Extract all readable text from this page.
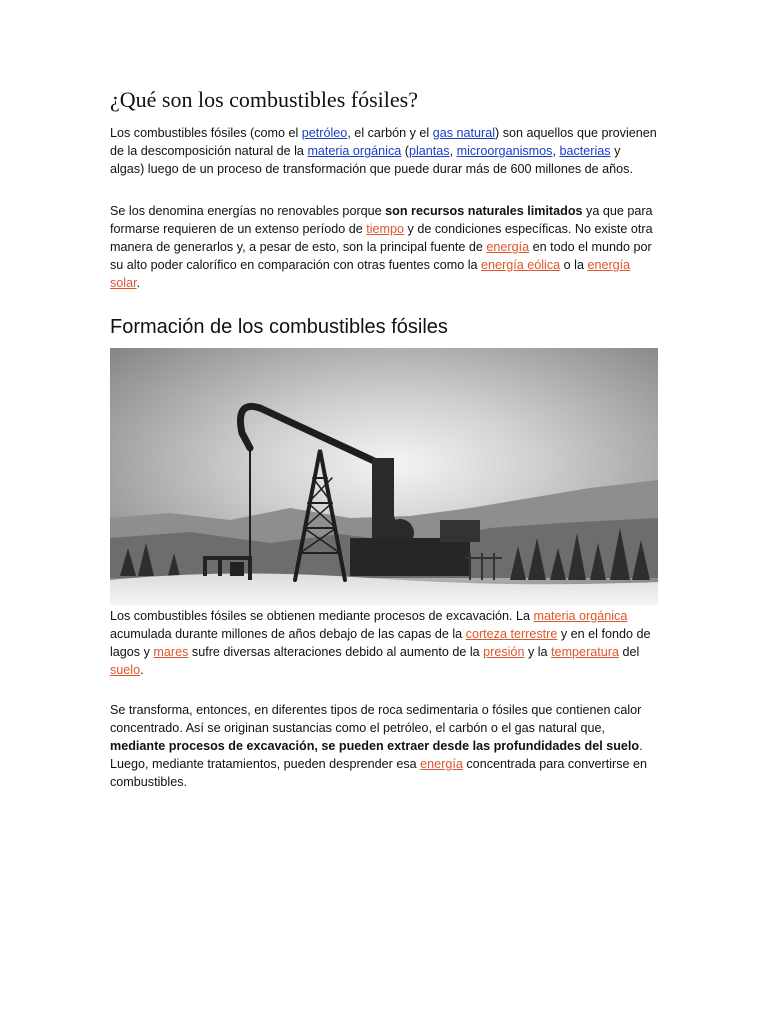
¿Qué son los combustibles fósiles?

Los combustibles fósiles (como el petróleo, el carbón y el gas natural) son aquellos que provienen de la descomposición natural de la materia orgánica (plantas, microorganismos, bacterias y algas) luego de un proceso de transformación que puede durar más de 600 millones de años.

Se los denomina energías no renovables porque son recursos naturales limitados ya que para formarse requieren de un extenso período de tiempo y de condiciones específicas. No existe otra manera de generarlos y, a pesar de esto, son la principal fuente de energía en todo el mundo por su alto poder calorífico en comparación con otras fuentes como la energía eólica o la energía solar.

Formación de los combustibles fósiles

Los combustibles fósiles se obtienen mediante procesos de excavación. La materia orgánica acumulada durante millones de años debajo de las capas de la corteza terrestre y en el fondo de lagos y mares sufre diversas alteraciones debido al aumento de la presión y la temperatura del suelo.

Se transforma, entonces, en diferentes tipos de roca sedimentaria o fósiles que contienen calor concentrado. Así se originan sustancias como el petróleo, el carbón o el gas natural que, mediante procesos de excavación, se pueden extraer desde las profundidades del suelo. Luego, mediante tratamientos, pueden desprender esa energía concentrada para convertirse en combustibles.
